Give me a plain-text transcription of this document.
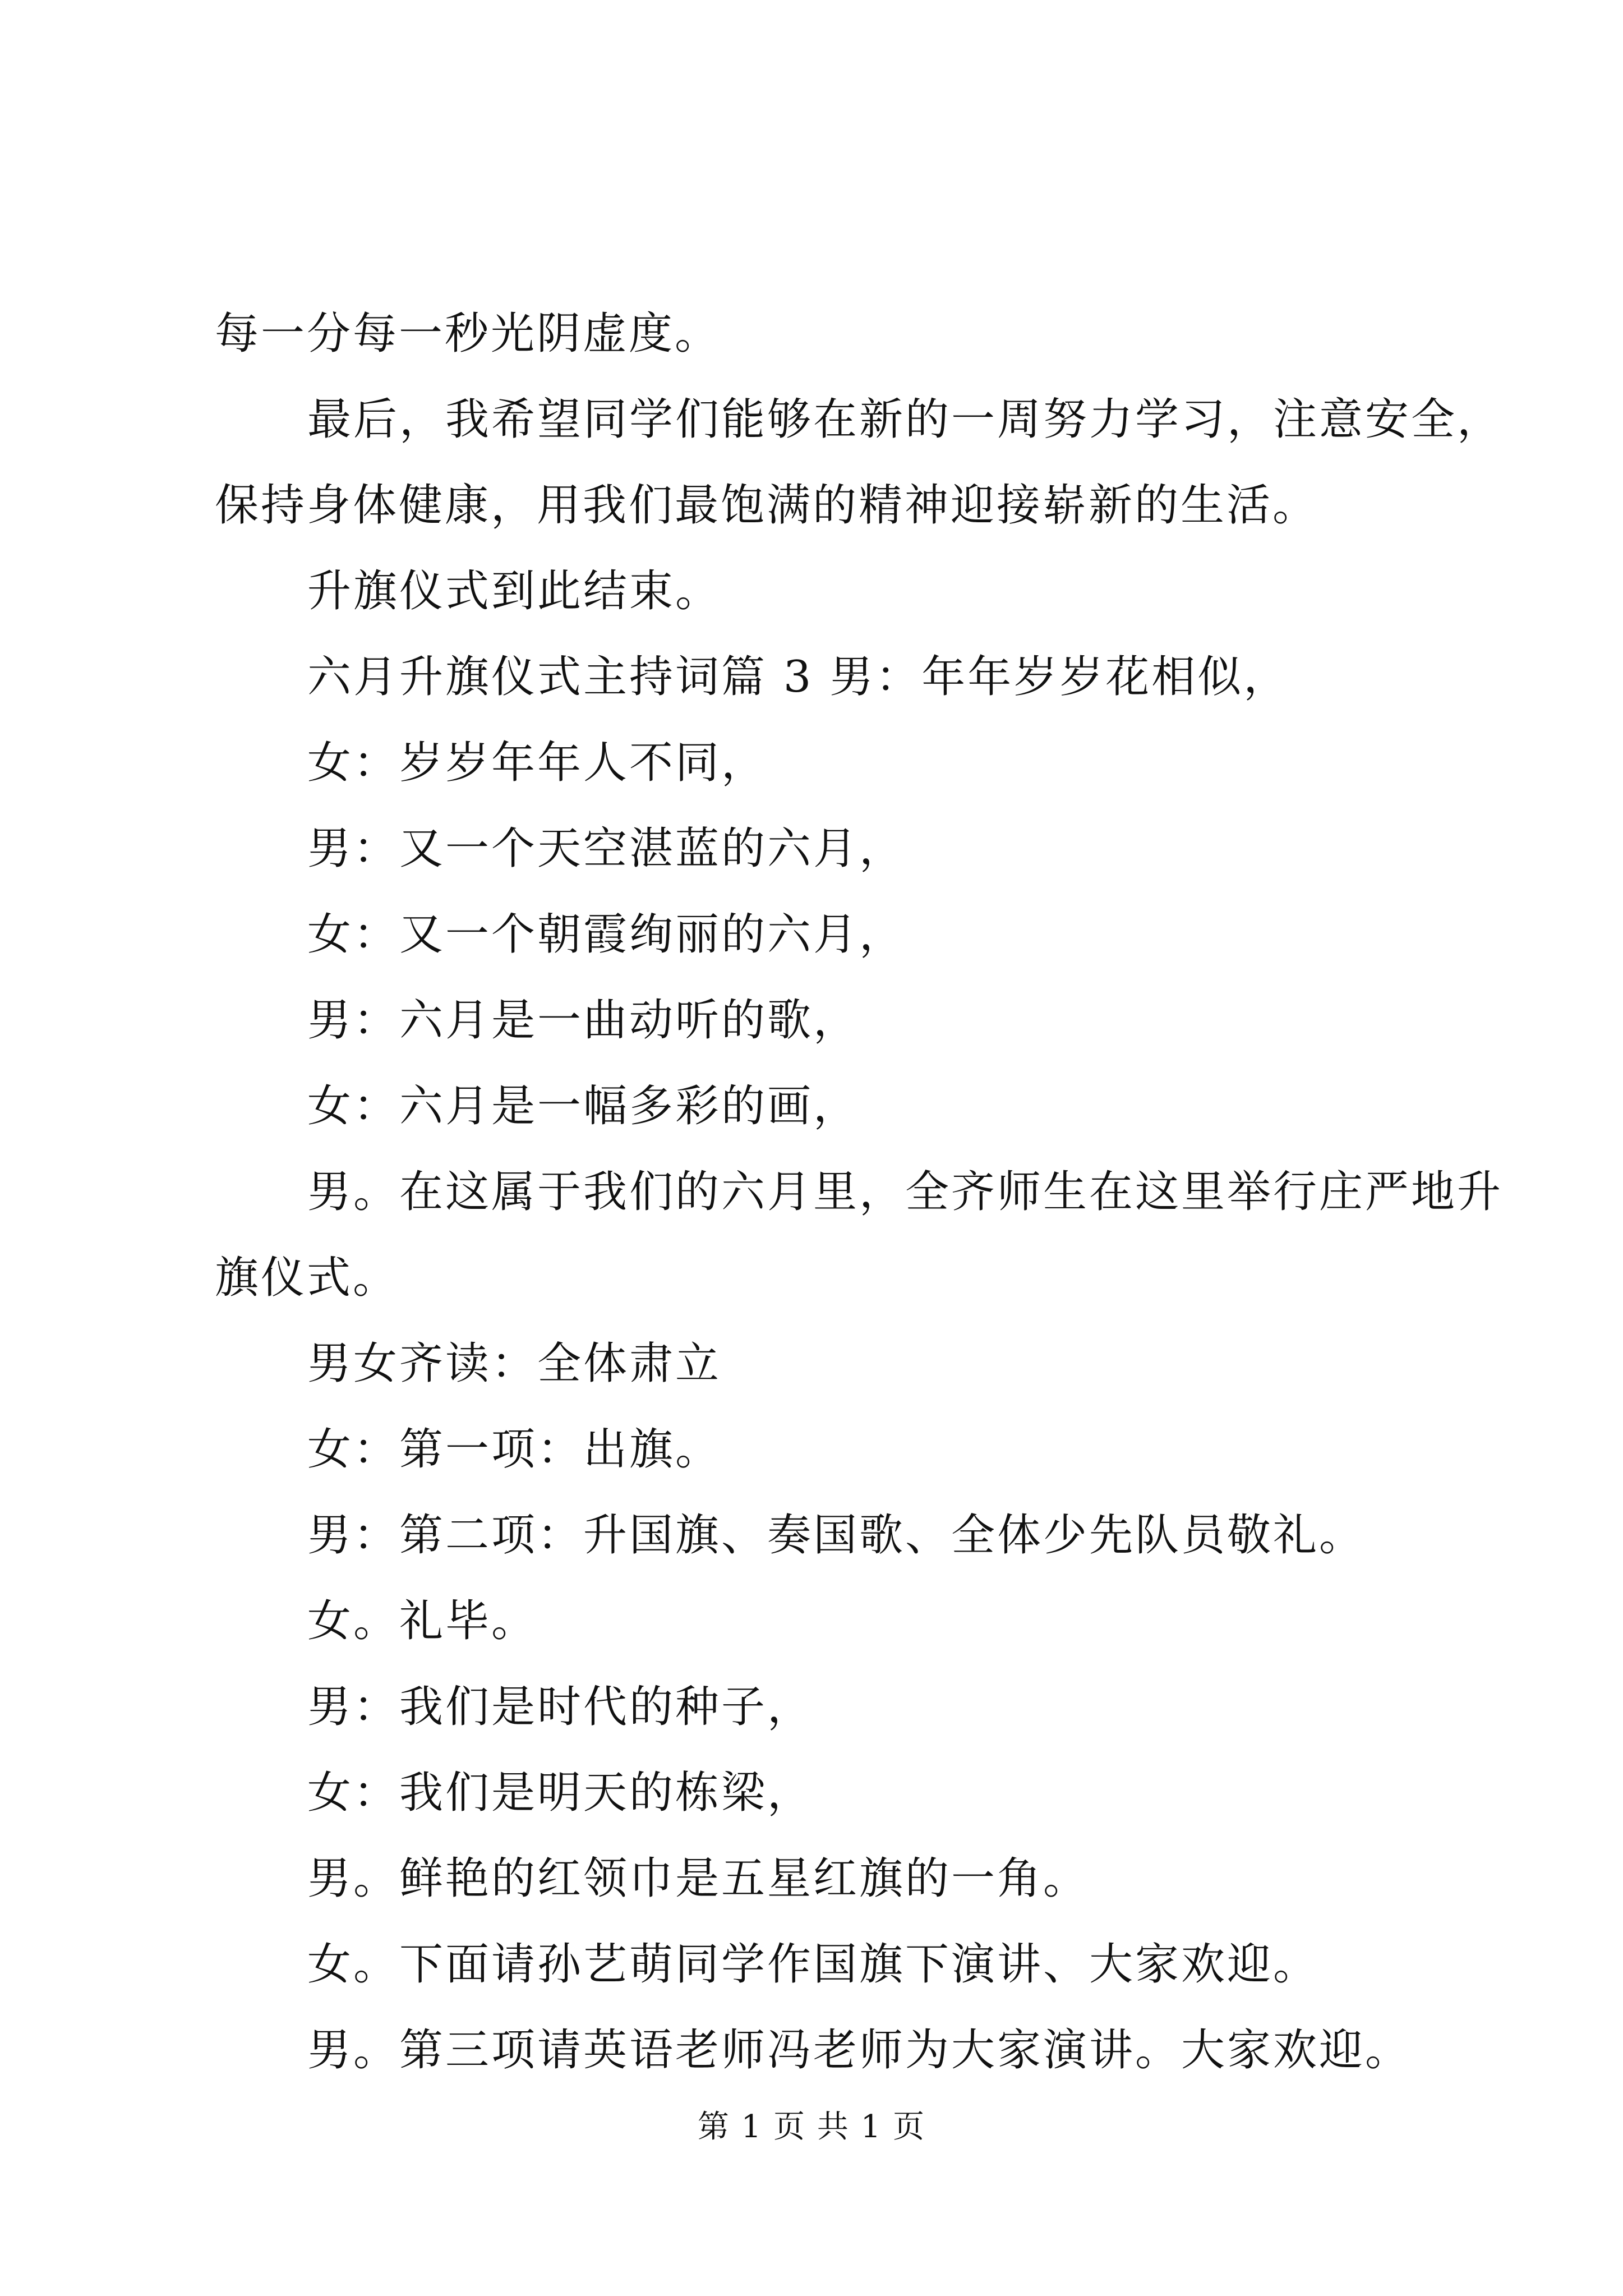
每一分每一秒光阴虚度。
最后，我希望同学们能够在新的一周努力学习，注意安全，
保持身体健康，用我们最饱满的精神迎接崭新的生活。
升旗仪式到此结束。
六月升旗仪式主持词篇 3 男：年年岁岁花相似，
女：岁岁年年人不同，
男：又一个天空湛蓝的六月，
女：又一个朝霞绚丽的六月，
男：六月是一曲动听的歌，
女：六月是一幅多彩的画，
男。在这属于我们的六月里，全齐师生在这里举行庄严地升
旗仪式。
男女齐读：全体肃立
女：第一项：出旗。
男：第二项：升国旗、奏国歌、全体少先队员敬礼。
女。礼毕。
男：我们是时代的种子，
女：我们是明天的栋梁，
男。鲜艳的红领巾是五星红旗的一角。
女。下面请孙艺萌同学作国旗下演讲、大家欢迎。
男。第三项请英语老师冯老师为大家演讲。大家欢迎。
第 1 页 共 1 页
